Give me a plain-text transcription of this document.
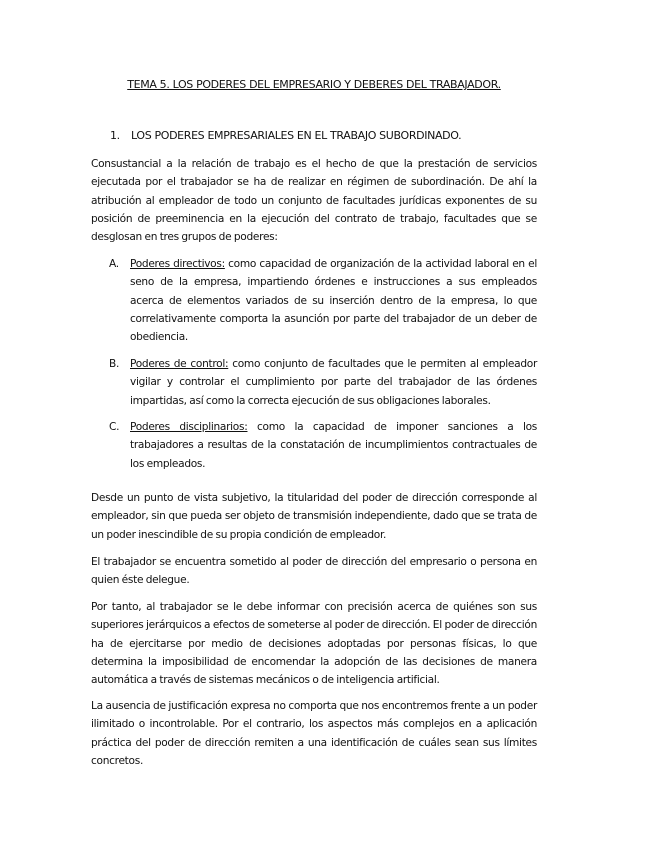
TEMA 5. LOS PODERES DEL EMPRESARIO Y DEBERES DEL TRABAJADOR.
1. LOS PODERES EMPRESARIALES EN EL TRABAJO SUBORDINADO.

Consustancial a la relación de trabajo es el hecho de que la prestación de servicios ejecutada por el trabajador se ha de realizar en régimen de subordinación. De ahí la atribución al empleador de todo un conjunto de facultades jurídicas exponentes de su posición de preeminencia en la ejecución del contrato de trabajo, facultades que se desglosan en tres grupos de poderes:

A. Poderes directivos: como capacidad de organización de la actividad laboral en el seno de la empresa, impartiendo órdenes e instrucciones a sus empleados acerca de elementos variados de su inserción dentro de la empresa, lo que correlativamente comporta la asunción por parte del trabajador de un deber de obediencia.
B. Poderes de control: como conjunto de facultades que le permiten al empleador vigilar y controlar el cumplimiento por parte del trabajador de las órdenes impartidas, así como la correcta ejecución de sus obligaciones laborales.
C. Poderes disciplinarios: como la capacidad de imponer sanciones a los trabajadores a resultas de la constatación de incumplimientos contractuales de los empleados.

Desde un punto de vista subjetivo, la titularidad del poder de dirección corresponde al empleador, sin que pueda ser objeto de transmisión independiente, dado que se trata de un poder inescindible de su propia condición de empleador.

El trabajador se encuentra sometido al poder de dirección del empresario o persona en quien éste delegue.

Por tanto, al trabajador se le debe informar con precisión acerca de quiénes son sus superiores jerárquicos a efectos de someterse al poder de dirección. El poder de dirección ha de ejercitarse por medio de decisiones adoptadas por personas físicas, lo que determina la imposibilidad de encomendar la adopción de las decisiones de manera automática a través de sistemas mecánicos o de inteligencia artificial.

La ausencia de justificación expresa no comporta que nos encontremos frente a un poder ilimitado o incontrolable. Por el contrario, los aspectos más complejos en a aplicación práctica del poder de dirección remiten a una identificación de cuáles sean sus límites concretos.
